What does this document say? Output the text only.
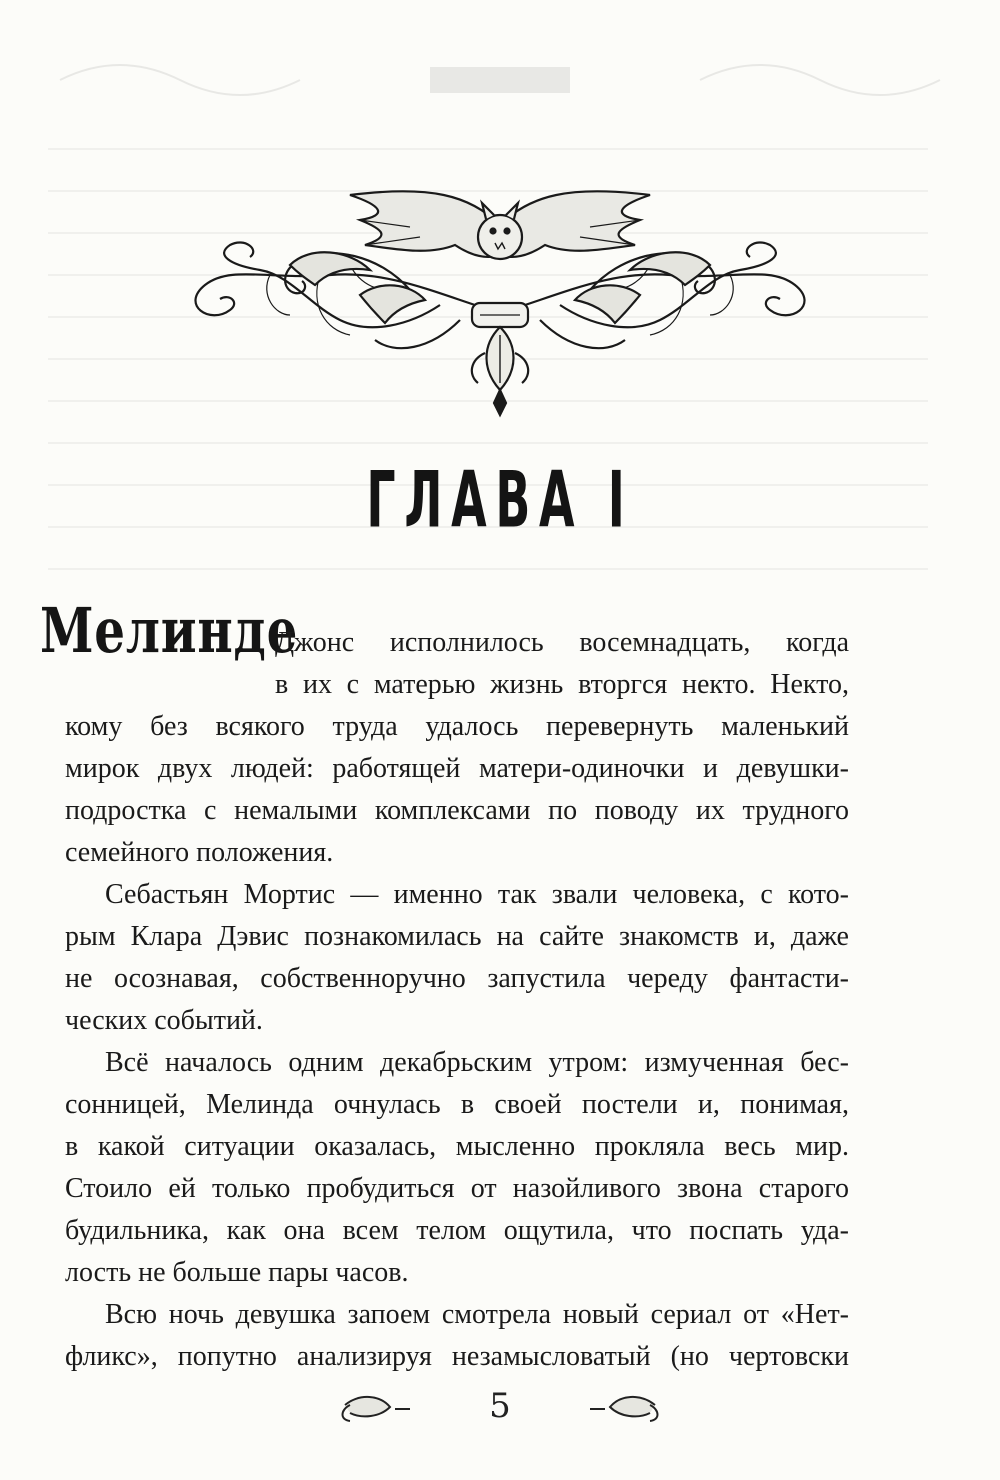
ГЛАВА I
Мелинде
Джонс исполнилось восемнадцать, когда
в их с матерью жизнь вторгся некто. Некто,
кому без всякого труда удалось перевернуть маленький
мирок двух людей: работящей матери-одиночки и девушки-
подростка с немалыми комплексами по поводу их трудного
семейного положения.
Себастьян Мортис — именно так звали человека, с кото-
рым Клара Дэвис познакомилась на сайте знакомств и, даже
не осознавая, собственноручно запустила череду фантасти-
ческих событий.
Всё началось одним декабрьским утром: измученная бес-
сонницей, Мелинда очнулась в своей постели и, понимая,
в какой ситуации оказалась, мысленно прокляла весь мир.
Стоило ей только пробудиться от назойливого звона старого
будильника, как она всем телом ощутила, что поспать уда-
лость не больше пары часов.
Всю ночь девушка запоем смотрела новый сериал от «Нет-
фликс», попутно анализируя незамысловатый (но чертовски
5
